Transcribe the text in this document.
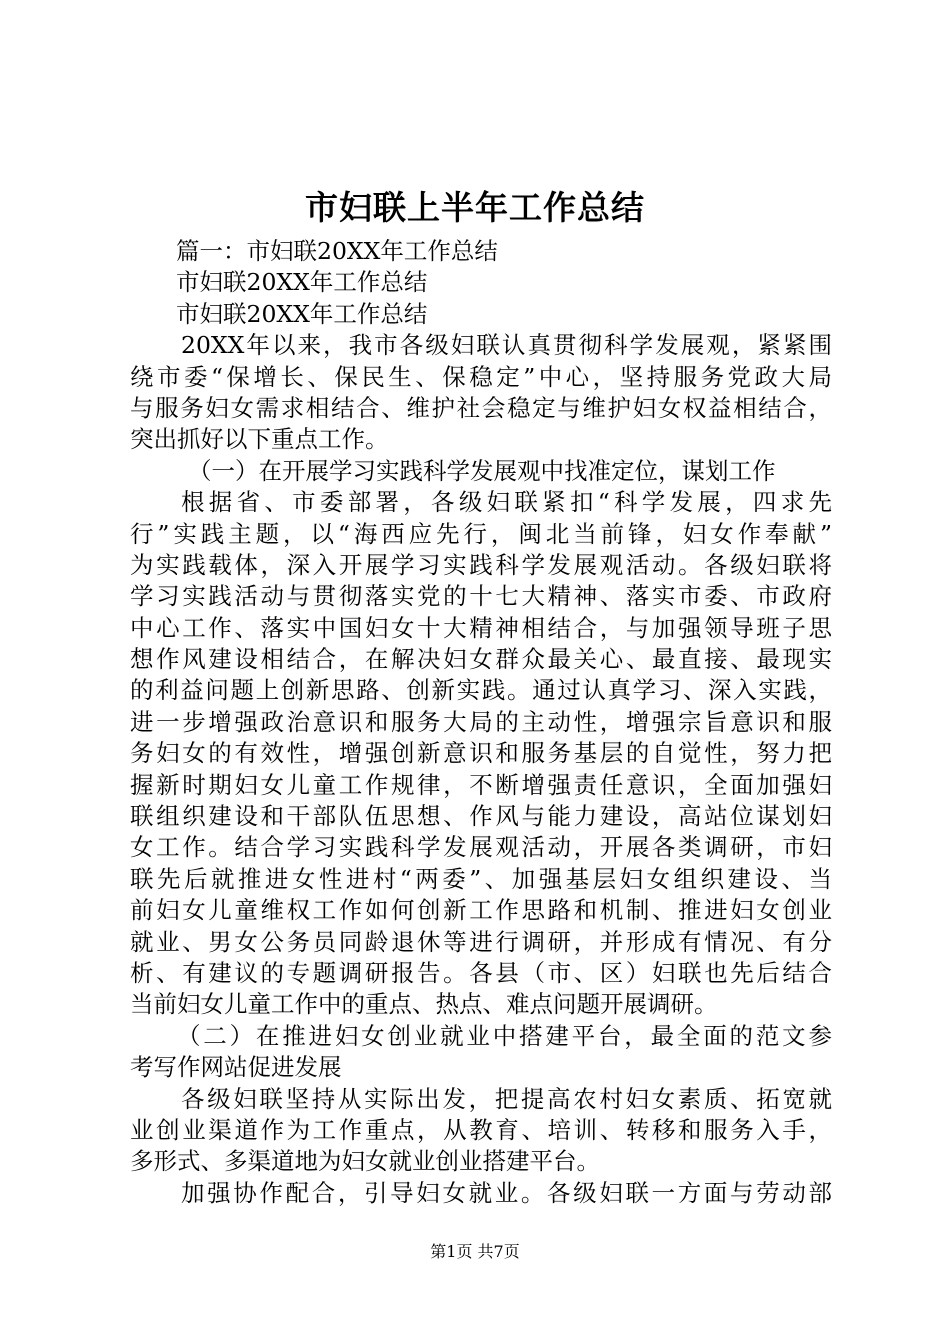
市妇联上半年工作总结
篇一：市妇联20XX年工作总结
市妇联20XX年工作总结
市妇联20XX年工作总结
20XX年以来，我市各级妇联认真贯彻科学发展观，紧紧围
绕市委“保增长、保民生、保稳定”中心，坚持服务党政大局
与服务妇女需求相结合、维护社会稳定与维护妇女权益相结合，
突出抓好以下重点工作。
（一）在开展学习实践科学发展观中找准定位，谋划工作
根据省、市委部署，各级妇联紧扣“科学发展，四求先
行”实践主题，以“海西应先行，闽北当前锋，妇女作奉献”
为实践载体，深入开展学习实践科学发展观活动。各级妇联将
学习实践活动与贯彻落实党的十七大精神、落实市委、市政府
中心工作、落实中国妇女十大精神相结合，与加强领导班子思
想作风建设相结合，在解决妇女群众最关心、最直接、最现实
的利益问题上创新思路、创新实践。通过认真学习、深入实践，
进一步增强政治意识和服务大局的主动性，增强宗旨意识和服
务妇女的有效性，增强创新意识和服务基层的自觉性，努力把
握新时期妇女儿童工作规律，不断增强责任意识，全面加强妇
联组织建设和干部队伍思想、作风与能力建设，高站位谋划妇
女工作。结合学习实践科学发展观活动，开展各类调研，市妇
联先后就推进女性进村“两委”、加强基层妇女组织建设、当
前妇女儿童维权工作如何创新工作思路和机制、推进妇女创业
就业、男女公务员同龄退休等进行调研，并形成有情况、有分
析、有建议的专题调研报告。各县（市、区）妇联也先后结合
当前妇女儿童工作中的重点、热点、难点问题开展调研。
（二）在推进妇女创业就业中搭建平台，最全面的范文参
考写作网站促进发展
各级妇联坚持从实际出发，把提高农村妇女素质、拓宽就
业创业渠道作为工作重点，从教育、培训、转移和服务入手，
多形式、多渠道地为妇女就业创业搭建平台。
加强协作配合，引导妇女就业。各级妇联一方面与劳动部
第1页 共7页
